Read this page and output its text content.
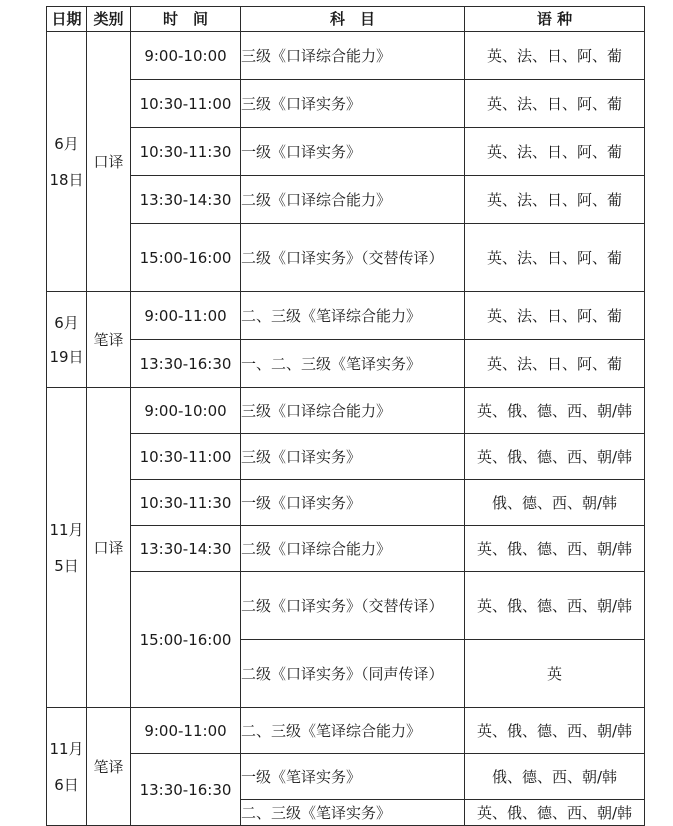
日期	类别	时　间	科　目	语 种

6月
18日	口译	9:00-10:00	三级《口译综合能力》	英、法、日、阿、葡
		10:30-11:00	三级《口译实务》	英、法、日、阿、葡
		10:30-11:30	一级《口译实务》	英、法、日、阿、葡
		13:30-14:30	二级《口译综合能力》	英、法、日、阿、葡
		15:00-16:00	二级《口译实务》（交替传译）	英、法、日、阿、葡

6月
19日	笔译	9:00-11:00	二、三级《笔译综合能力》	英、法、日、阿、葡
		13:30-16:30	一、二、三级《笔译实务》	英、法、日、阿、葡

11月
5日	口译	9:00-10:00	三级《口译综合能力》	英、俄、德、西、朝/韩
		10:30-11:00	三级《口译实务》	英、俄、德、西、朝/韩
		10:30-11:30	一级《口译实务》	俄、德、西、朝/韩
		13:30-14:30	二级《口译综合能力》	英、俄、德、西、朝/韩
		15:00-16:00	二级《口译实务》（交替传译）	英、俄、德、西、朝/韩
			二级《口译实务》（同声传译）	英

11月
6日	笔译	9:00-11:00	二、三级《笔译综合能力》	英、俄、德、西、朝/韩
		13:30-16:30	一级《笔译实务》	俄、德、西、朝/韩
			二、三级《笔译实务》	英、俄、德、西、朝/韩
